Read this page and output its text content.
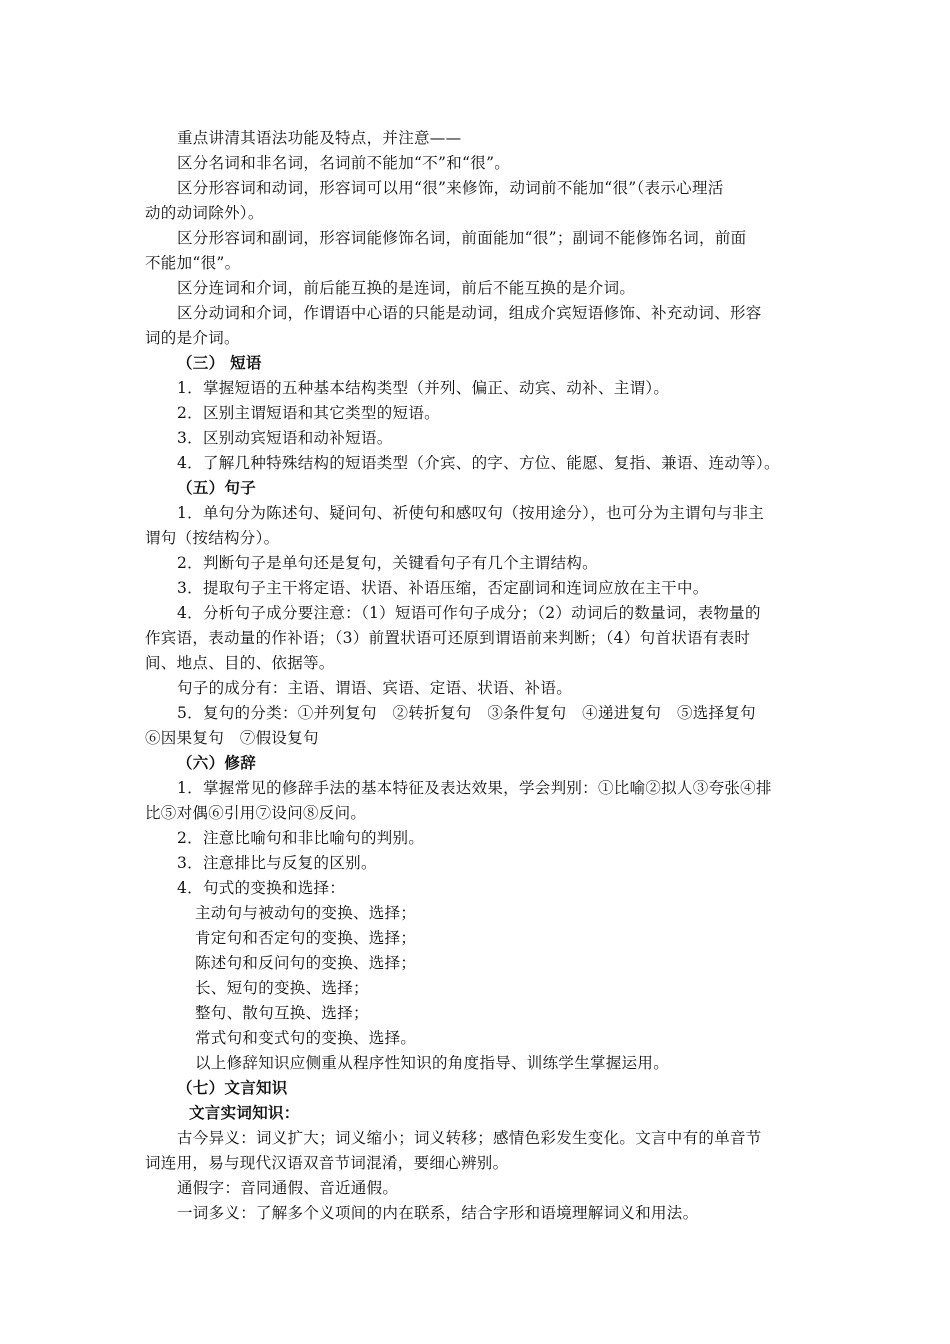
重点讲清其语法功能及特点，并注意——
区分名词和非名词，名词前不能加“不”和“很”。
区分形容词和动词，形容词可以用“很”来修饰，动词前不能加“很”（表示心理活
动的动词除外）。
区分形容词和副词，形容词能修饰名词，前面能加“很”；副词不能修饰名词，前面
不能加“很”。
区分连词和介词，前后能互换的是连词，前后不能互换的是介词。
区分动词和介词，作谓语中心语的只能是动词，组成介宾短语修饰、补充动词、形容
词的是介词。
（三） 短语
1．掌握短语的五种基本结构类型（并列、偏正、动宾、动补、主谓）。
2．区别主谓短语和其它类型的短语。
3．区别动宾短语和动补短语。
4．了解几种特殊结构的短语类型（介宾、的字、方位、能愿、复指、兼语、连动等）。
（五）句子
1．单句分为陈述句、疑问句、祈使句和感叹句（按用途分），也可分为主谓句与非主
谓句（按结构分）。
2．判断句子是单句还是复句，关键看句子有几个主谓结构。
3．提取句子主干将定语、状语、补语压缩，否定副词和连词应放在主干中。
4．分析句子成分要注意：（1）短语可作句子成分；（2）动词后的数量词，表物量的
作宾语，表动量的作补语；（3）前置状语可还原到谓语前来判断；（4）句首状语有表时
间、地点、目的、依据等。
句子的成分有：主语、谓语、宾语、定语、状语、补语。
5．复句的分类：①并列复句　②转折复句　③条件复句　④递进复句　⑤选择复句
⑥因果复句　⑦假设复句
（六）修辞
1．掌握常见的修辞手法的基本特征及表达效果，学会判别：①比喻②拟人③夸张④排
比⑤对偶⑥引用⑦设问⑧反问。
2．注意比喻句和非比喻句的判别。
3．注意排比与反复的区别。
4．句式的变换和选择：
主动句与被动句的变换、选择；
肯定句和否定句的变换、选择；
陈述句和反问句的变换、选择；
长、短句的变换、选择；
整句、散句互换、选择；
常式句和变式句的变换、选择。
以上修辞知识应侧重从程序性知识的角度指导、训练学生掌握运用。
（七）文言知识
文言实词知识：
古今异义：词义扩大；词义缩小；词义转移；感情色彩发生变化。文言中有的单音节
词连用，易与现代汉语双音节词混淆，要细心辨别。
通假字：音同通假、音近通假。
一词多义：了解多个义项间的内在联系，结合字形和语境理解词义和用法。
